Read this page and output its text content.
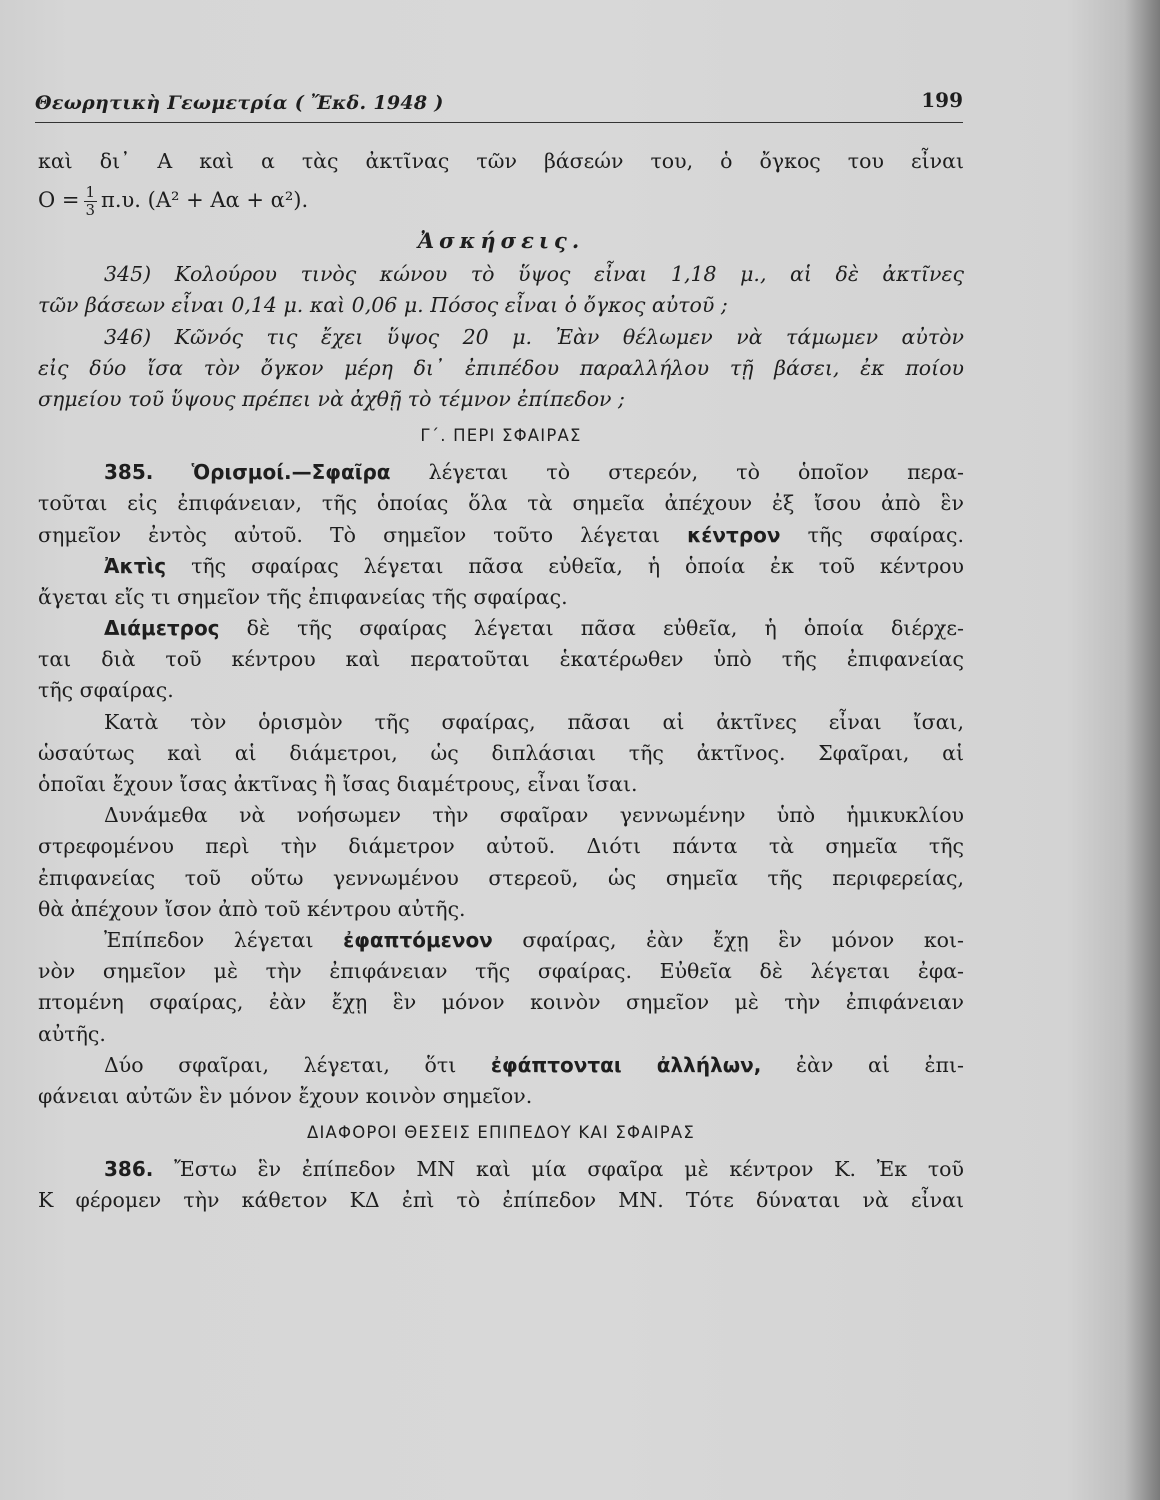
Θεωρητικὴ Γεωμετρία ( Ἔκδ. 1948 )	199
καὶ δι᾽ Α καὶ α τὰς ἀκτῖνας τῶν βάσεών του, ὁ ὄγκος του εἶναι
$O = \frac{1}{3} \pi.\upsilon$. (Α² + Αα + α²).
Ἀσκήσεις.
345) Κολούρου τινὸς κώνου τὸ ὕψος εἶναι 1,18 μ., αἱ δὲ ἀκτῖνες
τῶν βάσεων εἶναι 0,14 μ. καὶ 0,06 μ. Πόσος εἶναι ὁ ὄγκος αὐτοῦ ;
346) Κῶνός τις ἔχει ὕψος 20 μ. Ἐὰν θέλωμεν νὰ τάμωμεν αὐτὸν
εἰς δύο ἴσα τὸν ὄγκον μέρη δι᾽ ἐπιπέδου παραλλήλου τῇ βάσει, ἐκ ποίου
σημείου τοῦ ὕψους πρέπει νὰ ἀχθῇ τὸ τέμνον ἐπίπεδον ;
Γ΄. ΠΕΡΙ ΣΦΑΙΡΑΣ
385. Ὁρισμοί.—Σφαῖρα λέγεται τὸ στερεόν, τὸ ὁποῖον περα-
τοῦται εἰς ἐπιφάνειαν, τῆς ὁποίας ὅλα τὰ σημεῖα ἀπέχουν ἐξ ἴσου ἀπὸ ἓν
σημεῖον ἐντὸς αὐτοῦ. Τὸ σημεῖον τοῦτο λέγεται κέντρον τῆς σφαίρας.
Ἀκτὶς τῆς σφαίρας λέγεται πᾶσα εὐθεῖα, ἡ ὁποία ἐκ τοῦ κέντρου
ἄγεται εἴς τι σημεῖον τῆς ἐπιφανείας τῆς σφαίρας.
Διάμετρος δὲ τῆς σφαίρας λέγεται πᾶσα εὐθεῖα, ἡ ὁποία διέρχε-
ται διὰ τοῦ κέντρου καὶ περατοῦται ἑκατέρωθεν ὑπὸ τῆς ἐπιφανείας
τῆς σφαίρας.
Κατὰ τὸν ὁρισμὸν τῆς σφαίρας, πᾶσαι αἱ ἀκτῖνες εἶναι ἴσαι,
ὡσαύτως καὶ αἱ διάμετροι, ὡς διπλάσιαι τῆς ἀκτῖνος. Σφαῖραι, αἱ
ὁποῖαι ἔχουν ἴσας ἀκτῖνας ἢ ἴσας διαμέτρους, εἶναι ἴσαι.
Δυνάμεθα νὰ νοήσωμεν τὴν σφαῖραν γεννωμένην ὑπὸ ἡμικυκλίου
στρεφομένου περὶ τὴν διάμετρον αὐτοῦ. Διότι πάντα τὰ σημεῖα τῆς
ἐπιφανείας τοῦ οὕτω γεννωμένου στερεοῦ, ὡς σημεῖα τῆς περιφερείας,
θὰ ἀπέχουν ἴσον ἀπὸ τοῦ κέντρου αὐτῆς.
Ἐπίπεδον λέγεται ἐφαπτόμενον σφαίρας, ἐὰν ἔχῃ ἓν μόνον κοι-
νὸν σημεῖον μὲ τὴν ἐπιφάνειαν τῆς σφαίρας. Εὐθεῖα δὲ λέγεται ἐφα-
πτομένη σφαίρας, ἐὰν ἔχῃ ἓν μόνον κοινὸν σημεῖον μὲ τὴν ἐπιφάνειαν
αὐτῆς.
Δύο σφαῖραι, λέγεται, ὅτι ἐφάπτονται ἀλλήλων, ἐὰν αἱ ἐπι-
φάνειαι αὐτῶν ἓν μόνον ἔχουν κοινὸν σημεῖον.
ΔΙΑΦΟΡΟΙ ΘΕΣΕΙΣ ΕΠΙΠΕΔΟΥ ΚΑΙ ΣΦΑΙΡΑΣ
386. Ἔστω ἓν ἐπίπεδον ΜΝ καὶ μία σφαῖρα μὲ κέντρον Κ. Ἐκ τοῦ
Κ φέρομεν τὴν κάθετον ΚΔ ἐπὶ τὸ ἐπίπεδον ΜΝ. Τότε δύναται νὰ εἶναι
